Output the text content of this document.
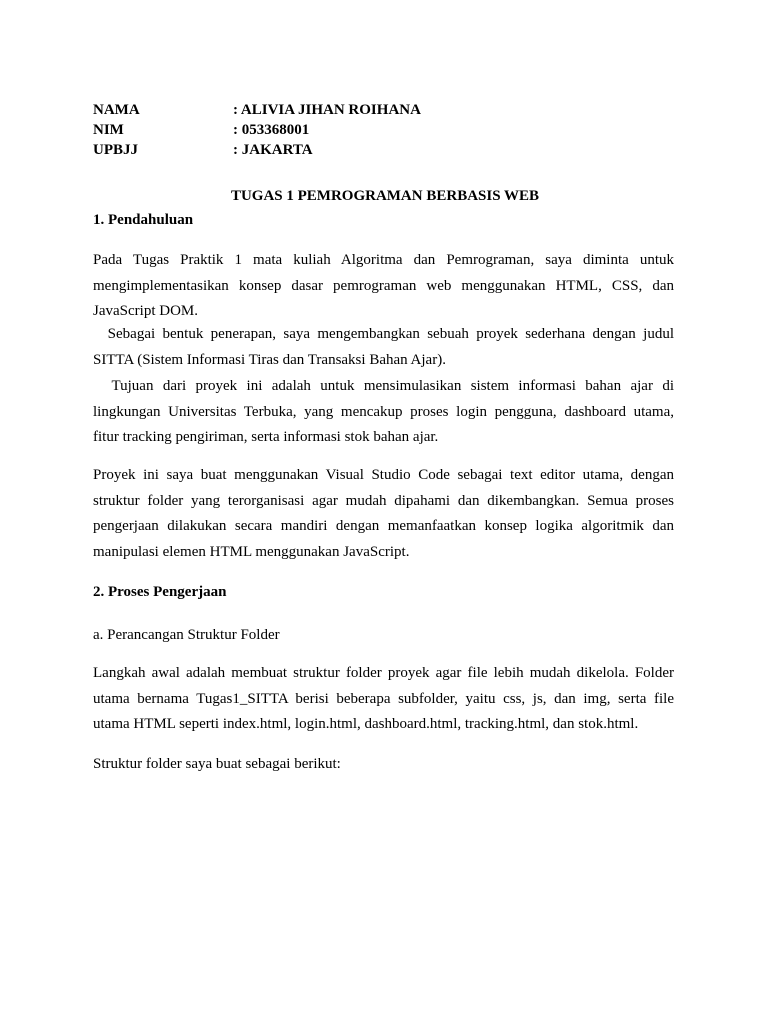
NAMA	: ALIVIA JIHAN ROIHANA
NIM	: 053368001
UPBJJ	: JAKARTA
TUGAS 1 PEMROGRAMAN BERBASIS WEB
1. Pendahuluan
Pada Tugas Praktik 1 mata kuliah Algoritma dan Pemrograman, saya diminta untuk
mengimplementasikan konsep dasar pemrograman web menggunakan HTML, CSS, dan
JavaScript DOM.
Sebagai bentuk penerapan, saya mengembangkan sebuah proyek sederhana dengan judul
SITTA (Sistem Informasi Tiras dan Transaksi Bahan Ajar).
Tujuan dari proyek ini adalah untuk mensimulasikan sistem informasi bahan ajar di
lingkungan Universitas Terbuka, yang mencakup proses login pengguna, dashboard utama,
fitur tracking pengiriman, serta informasi stok bahan ajar.
Proyek ini saya buat menggunakan Visual Studio Code sebagai text editor utama, dengan
struktur folder yang terorganisasi agar mudah dipahami dan dikembangkan. Semua proses
pengerjaan dilakukan secara mandiri dengan memanfaatkan konsep logika algoritmik dan
manipulasi elemen HTML menggunakan JavaScript.
2. Proses Pengerjaan
a. Perancangan Struktur Folder
Langkah awal adalah membuat struktur folder proyek agar file lebih mudah dikelola. Folder
utama bernama Tugas1_SITTA berisi beberapa subfolder, yaitu css, js, dan img, serta file
utama HTML seperti index.html, login.html, dashboard.html, tracking.html, dan stok.html.
Struktur folder saya buat sebagai berikut:
